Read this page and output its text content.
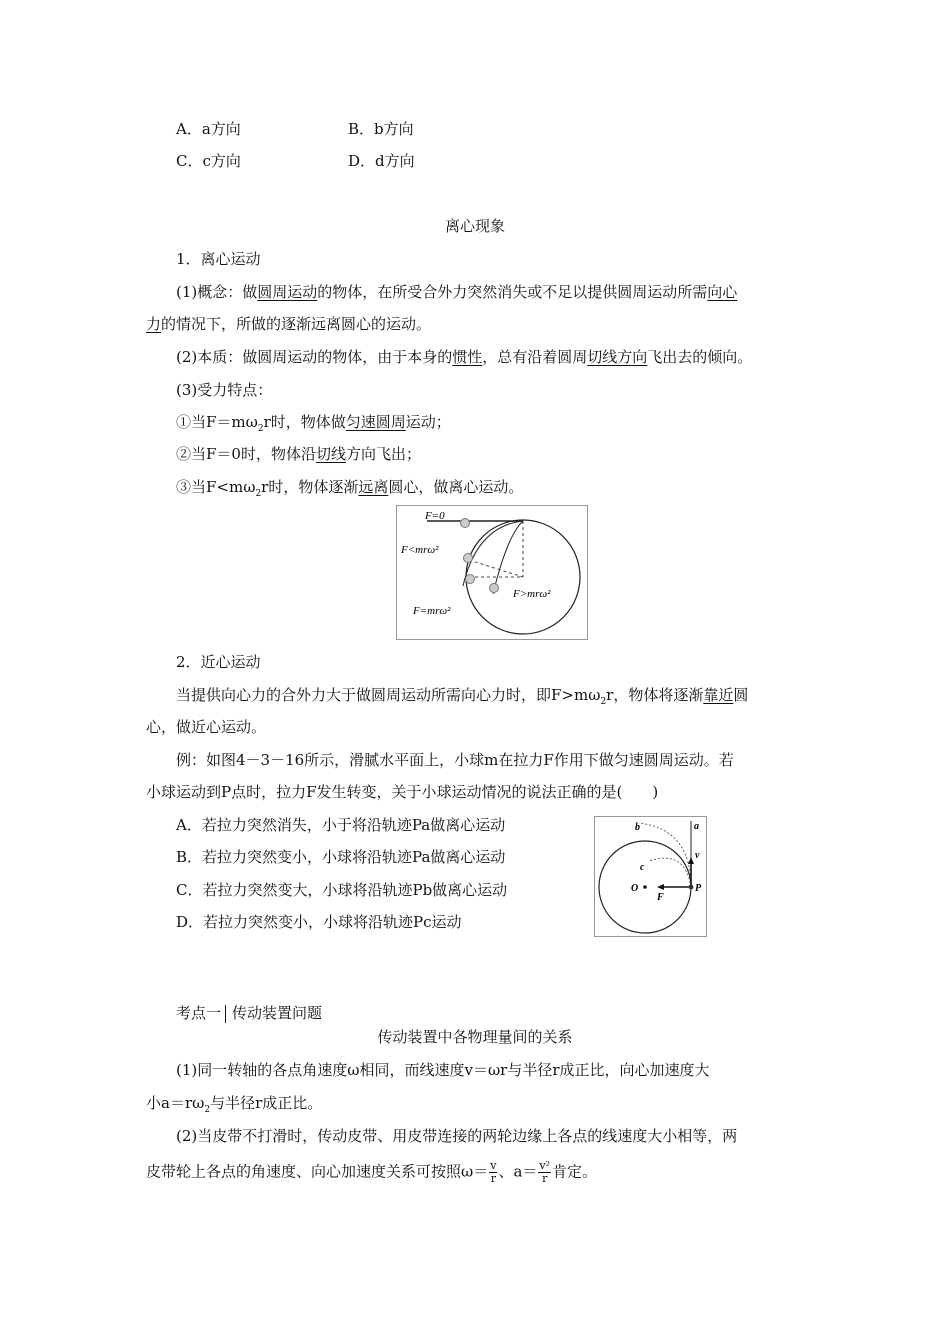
A．a方向	B．b方向
C．c方向	D．d方向
离心现象
1．离心运动
(1)概念：做圆周运动的物体，在所受合外力突然消失或不足以提供圆周运动所需向心
力的情况下，所做的逐渐远离圆心的运动。
(2)本质：做圆周运动的物体，由于本身的惯性，总有沿着圆周切线方向飞出去的倾向。
(3)受力特点：
①当$F=m\omega_2r$时，物体做匀速圆周运动；
②当F＝0时，物体沿切线方向飞出；
③当$F<m\omega_2r$时，物体逐渐远离圆心，做离心运动。
F=0
F<mrω²
F>mrω²
F=mrω²
2．近心运动
当提供向心力的合外力大于做圆周运动所需向心力时，即$F>m\omega_2r$，物体将逐渐靠近圆
心，做近心运动。
例：如图4－3－16所示，滑腻水平面上，小球m在拉力F作用下做匀速圆周运动。若
小球运动到P点时，拉力F发生转变，关于小球运动情况的说法正确的是(　　)
A．若拉力突然消失，小于将沿轨迹Pa做离心运动
B．若拉力突然变小，小球将沿轨迹Pa做离心运动
C．若拉力突然变大，小球将沿轨迹Pb做离心运动
D．若拉力突然变小，小球将沿轨迹Pc运动
a
b
c
v
O
F
P
考点一 传动装置问题
传动装置中各物理量间的关系
(1)同一转轴的各点角速度ω相同，而线速度v＝ωr与半径r成正比，向心加速度大
小$a=r\omega_2$与半径r成正比。
(2)当皮带不打滑时，传动皮带、用皮带连接的两轮边缘上各点的线速度大小相等，两
皮带轮上各点的角速度、向心加速度关系可按照$\omega= \frac{v}{r}$ 、$a= \frac{\text{v²}}{r}$ 肯定。
